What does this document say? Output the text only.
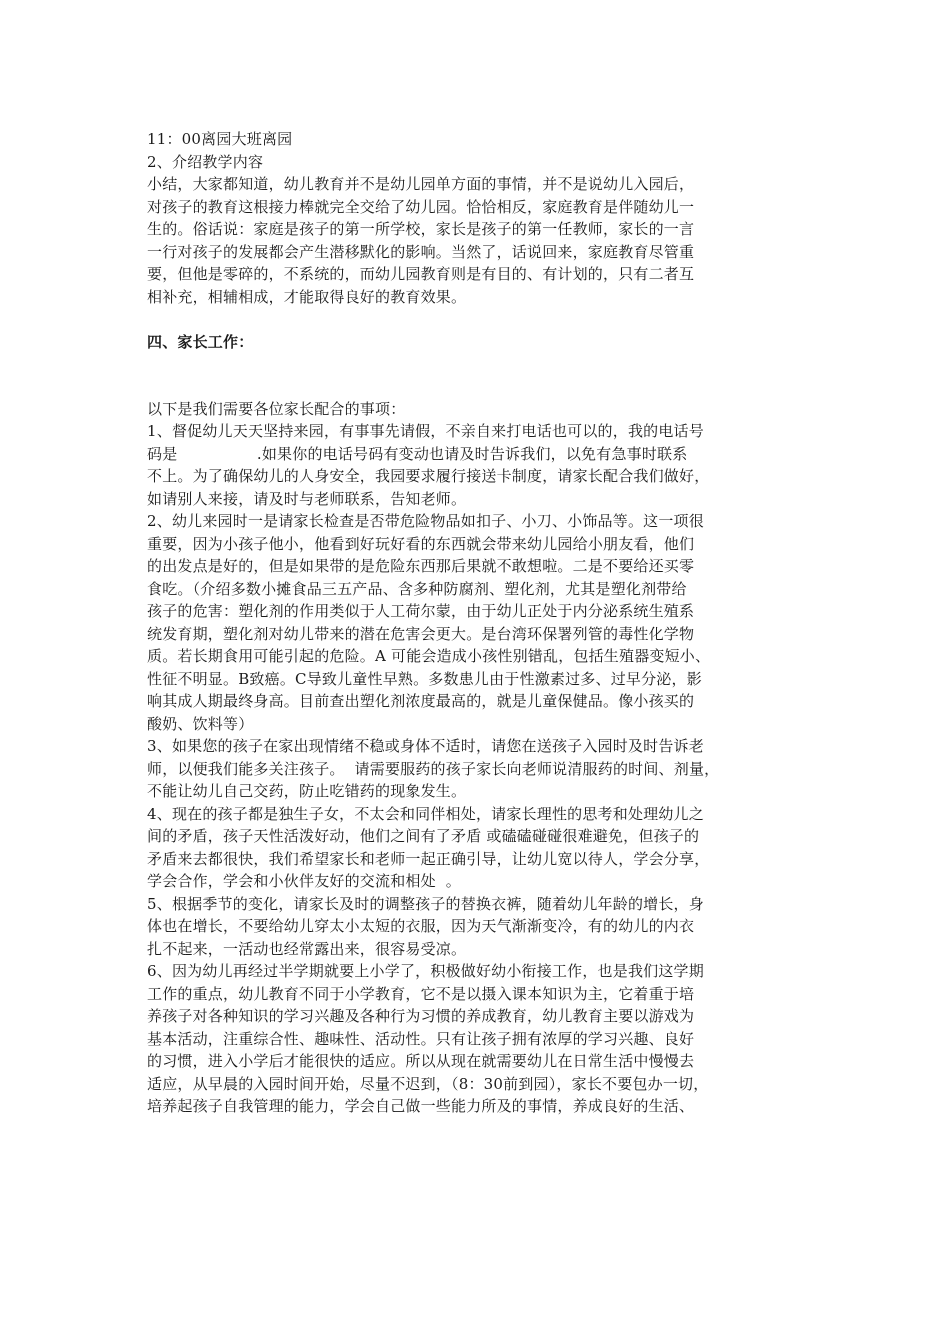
11：00离园大班离园
2、介绍教学内容
小结，大家都知道，幼儿教育并不是幼儿园单方面的事情，并不是说幼儿入园后，
对孩子的教育这根接力棒就完全交给了幼儿园。恰恰相反，家庭教育是伴随幼儿一
生的。俗话说：家庭是孩子的第一所学校，家长是孩子的第一任教师，家长的一言
一行对孩子的发展都会产生潜移默化的影响。当然了，话说回来，家庭教育尽管重
要，但他是零碎的，不系统的，而幼儿园教育则是有目的、有计划的，只有二者互
相补充，相辅相成，才能取得良好的教育效果。
四、家长工作：
以下是我们需要各位家长配合的事项：
1、督促幼儿天天坚持来园，有事事先请假，不亲自来打电话也可以的，我的电话号
码是                .如果你的电话号码有变动也请及时告诉我们，以免有急事时联系
不上。为了确保幼儿的人身安全，我园要求履行接送卡制度，请家长配合我们做好，
如请别人来接，请及时与老师联系，告知老师。
2、幼儿来园时一是请家长检查是否带危险物品如扣子、小刀、小饰品等。这一项很
重要，因为小孩子他小，他看到好玩好看的东西就会带来幼儿园给小朋友看，他们
的出发点是好的，但是如果带的是危险东西那后果就不敢想啦。二是不要给还买零
食吃。（介绍多数小摊食品三五产品、含多种防腐剂、塑化剂，尤其是塑化剂带给
孩子的危害：塑化剂的作用类似于人工荷尔蒙，由于幼儿正处于内分泌系统生殖系
统发育期，塑化剂对幼儿带来的潜在危害会更大。是台湾环保署列管的毒性化学物
质。若长期食用可能引起的危险。A 可能会造成小孩性别错乱，包括生殖器变短小、
性征不明显。B致癌。C导致儿童性早熟。多数患儿由于性激素过多、过早分泌，影
响其成人期最终身高。目前查出塑化剂浓度最高的，就是儿童保健品。像小孩买的
酸奶、饮料等）
3、如果您的孩子在家出现情绪不稳或身体不适时，请您在送孩子入园时及时告诉老
师，以便我们能多关注孩子。  请需要服药的孩子家长向老师说清服药的时间、剂量，
不能让幼儿自己交药，防止吃错药的现象发生。
4、现在的孩子都是独生子女，不太会和同伴相处，请家长理性的思考和处理幼儿之
间的矛盾，孩子天性活泼好动，他们之间有了矛盾 或磕磕碰碰很难避免，但孩子的
矛盾来去都很快，我们希望家长和老师一起正确引导，让幼儿宽以待人，学会分享，
学会合作，学会和小伙伴友好的交流和相处  。
5、根据季节的变化，请家长及时的调整孩子的替换衣裤，随着幼儿年龄的增长，身
体也在增长，不要给幼儿穿太小太短的衣服，因为天气渐渐变冷，有的幼儿的内衣
扎不起来，一活动也经常露出来，很容易受凉。
6、因为幼儿再经过半学期就要上小学了，积极做好幼小衔接工作，也是我们这学期
工作的重点，幼儿教育不同于小学教育，它不是以摄入课本知识为主，它着重于培
养孩子对各种知识的学习兴趣及各种行为习惯的养成教育，幼儿教育主要以游戏为
基本活动，注重综合性、趣味性、活动性。只有让孩子拥有浓厚的学习兴趣、良好
的习惯，进入小学后才能很快的适应。所以从现在就需要幼儿在日常生活中慢慢去
适应，从早晨的入园时间开始，尽量不迟到，（8：30前到园），家长不要包办一切，
培养起孩子自我管理的能力，学会自己做一些能力所及的事情，养成良好的生活、
